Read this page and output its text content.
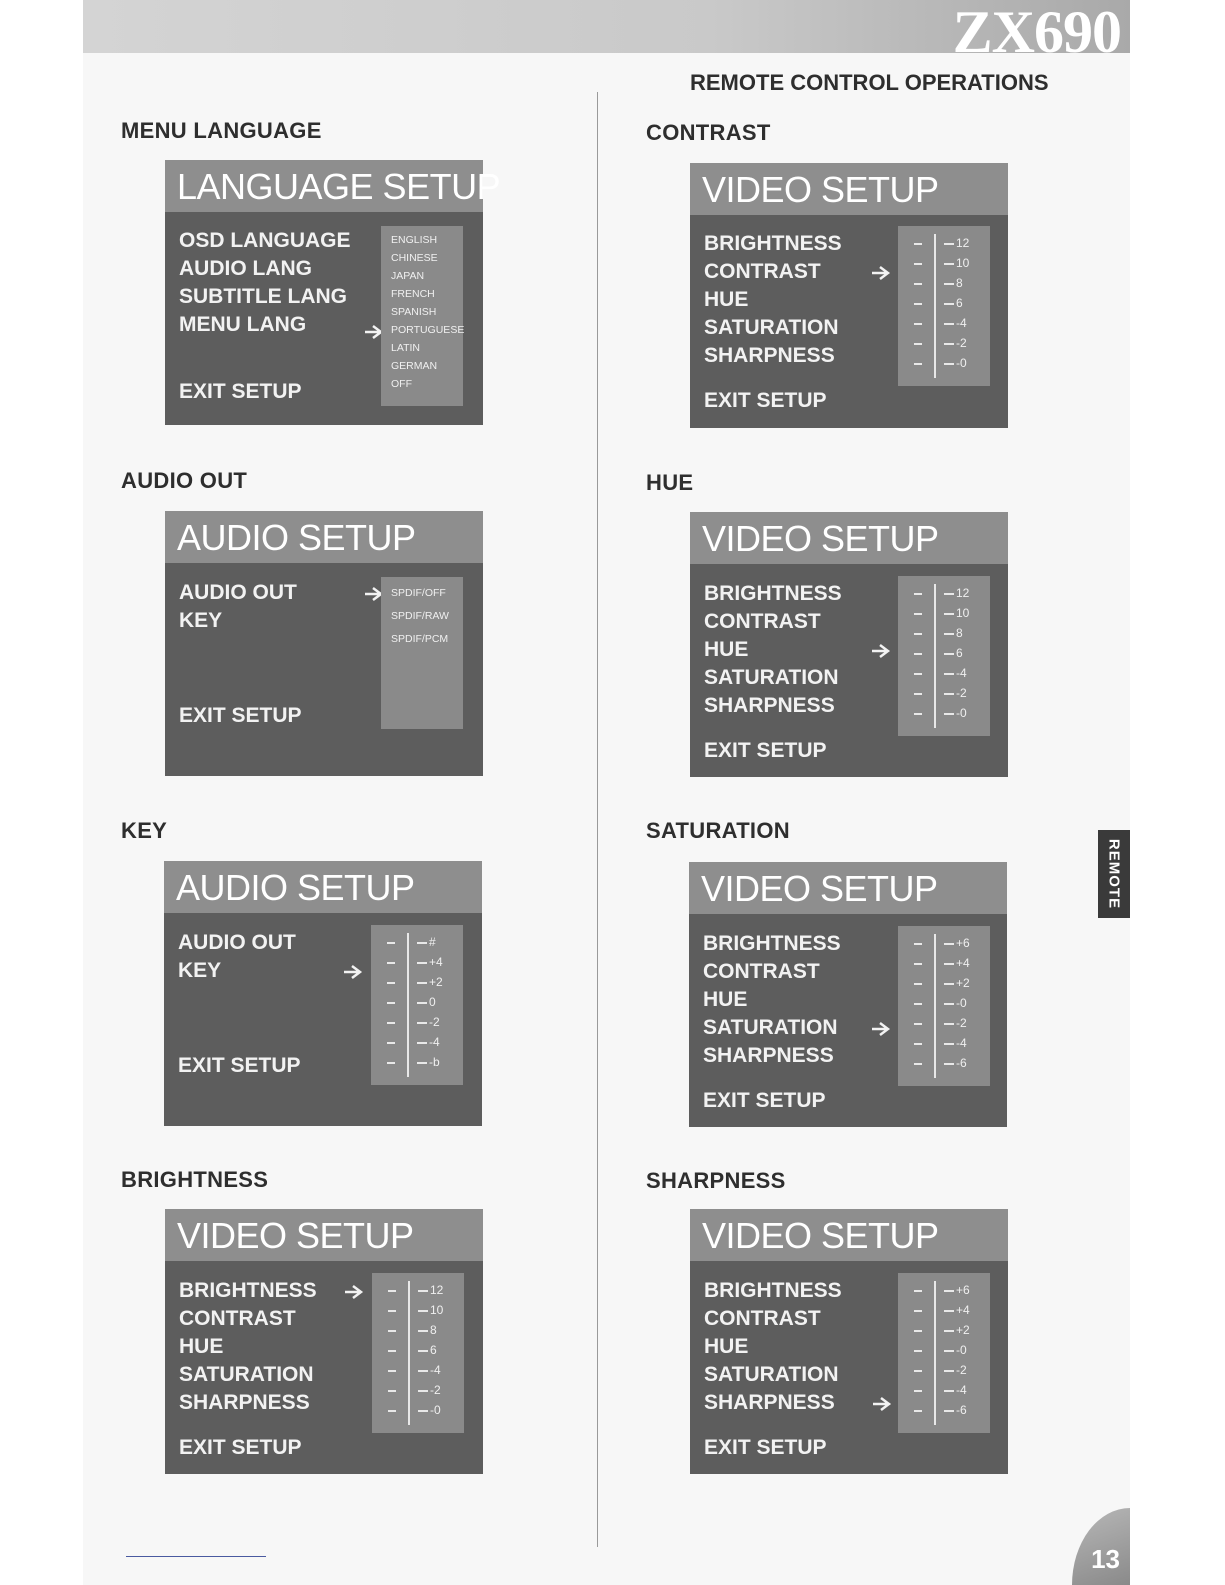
ZX690
REMOTE CONTROL OPERATIONS
MENU LANGUAGE
LANGUAGE SETUP
OSD LANGUAGE
AUDIO LANG
SUBTITLE LANG
MENU LANG
EXIT SETUP
ENGLISH
CHINESE
JAPAN
FRENCH
SPANISH
PORTUGUESE
LATIN
GERMAN
OFF
AUDIO OUT
AUDIO SETUP
AUDIO OUT
KEY
EXIT SETUP
SPDIF/OFF
SPDIF/RAW
SPDIF/PCM
KEY
AUDIO SETUP
AUDIO OUT
KEY
EXIT SETUP
#
+4
+2
0
-2
-4
-b
BRIGHTNESS
VIDEO SETUP
BRIGHTNESS
CONTRAST
HUE
SATURATION
SHARPNESS
EXIT SETUP
12
10
8
6
-4
-2
-0
CONTRAST
VIDEO SETUP
BRIGHTNESS
CONTRAST
HUE
SATURATION
SHARPNESS
EXIT SETUP
12
10
8
6
-4
-2
-0
HUE
VIDEO SETUP
BRIGHTNESS
CONTRAST
HUE
SATURATION
SHARPNESS
EXIT SETUP
12
10
8
6
-4
-2
-0
SATURATION
VIDEO SETUP
BRIGHTNESS
CONTRAST
HUE
SATURATION
SHARPNESS
EXIT SETUP
+6
+4
+2
-0
-2
-4
-6
SHARPNESS
VIDEO SETUP
BRIGHTNESS
CONTRAST
HUE
SATURATION
SHARPNESS
EXIT SETUP
+6
+4
+2
-0
-2
-4
-6
REMOTE
13
